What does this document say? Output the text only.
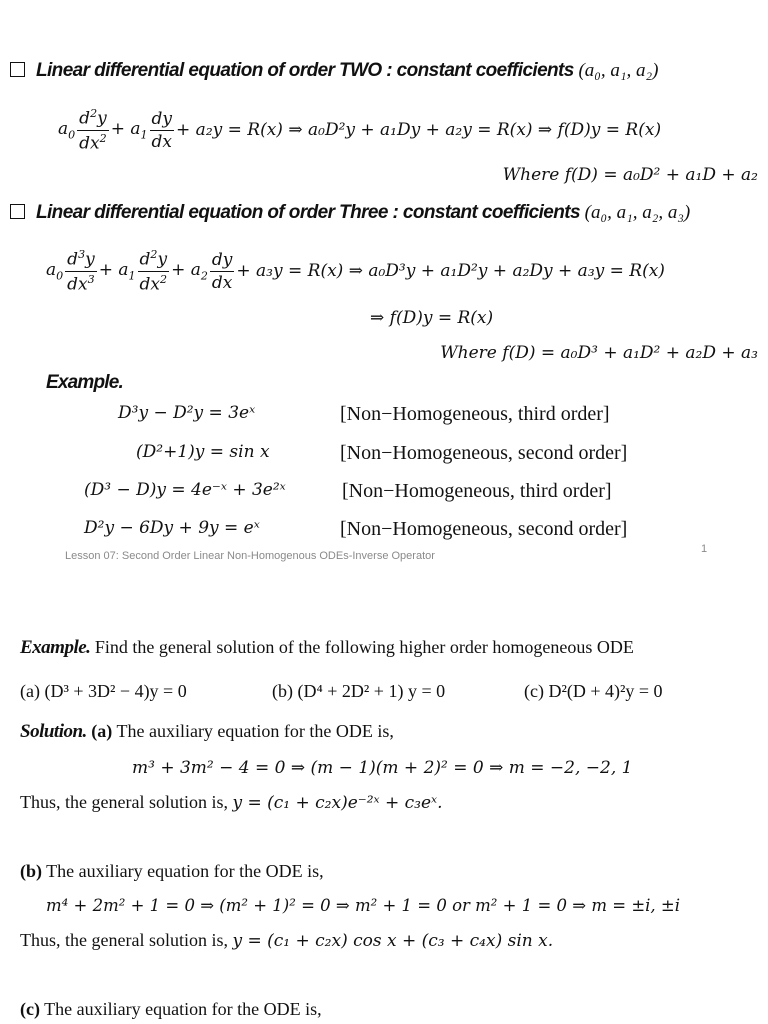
Linear differential equation of order TWO : constant coefficients (a₀, a₁, a₂)
$a_0 \frac{d^2y}{dx^2} + a_1 \frac{dy}{dx} + a_2y = R(x)$ ⇒ a₀D²y + a₁Dy + a₂y = R(x) ⇒ f(D)y = R(x)
Where f(D) = a₀D² + a₁D + a₂
Linear differential equation of order Three : constant coefficients (a₀, a₁, a₂, a₃)
$a_0 \frac{d^3y}{dx^3} + a_1 \frac{d^2y}{dx^2} + a_2 \frac{dy}{dx} + a_3y = R(x)$ ⇒ a₀D³y + a₁D²y + a₂Dy + a₃y = R(x)
⇒ f(D)y = R(x)
Where f(D) = a₀D³ + a₁D² + a₂D + a₃
Example.
D³y − D²y = 3eˣ	[Non−Homogeneous, third order]
(D²+1)y = sin x	[Non−Homogeneous, second order]
(D³ − D)y = 4e⁻ˣ + 3e²ˣ	[Non−Homogeneous, third order]
D²y − 6Dy + 9y = eˣ	[Non−Homogeneous, second order]
Lesson 07: Second Order Linear Non-Homogenous ODEs-Inverse Operator
1
Example. Find the general solution of the following higher order homogeneous ODE
(a) (D³ + 3D² − 4)y = 0	(b) (D⁴ + 2D² + 1) y = 0	(c) D²(D + 4)²y = 0
Solution. (a) The auxiliary equation for the ODE is,
m³ + 3m² − 4 = 0 ⇒ (m − 1)(m + 2)² = 0 ⇒ m = −2, −2, 1
Thus, the general solution is, y = (c₁ + c₂x)e⁻²ˣ + c₃eˣ.
(b) The auxiliary equation for the ODE is,
m⁴ + 2m² + 1 = 0 ⇒ (m² + 1)² = 0 ⇒ m² + 1 = 0 or m² + 1 = 0 ⇒ m = ±i, ±i
Thus, the general solution is, y = (c₁ + c₂x) cos x + (c₃ + c₄x) sin x.
(c) The auxiliary equation for the ODE is,
